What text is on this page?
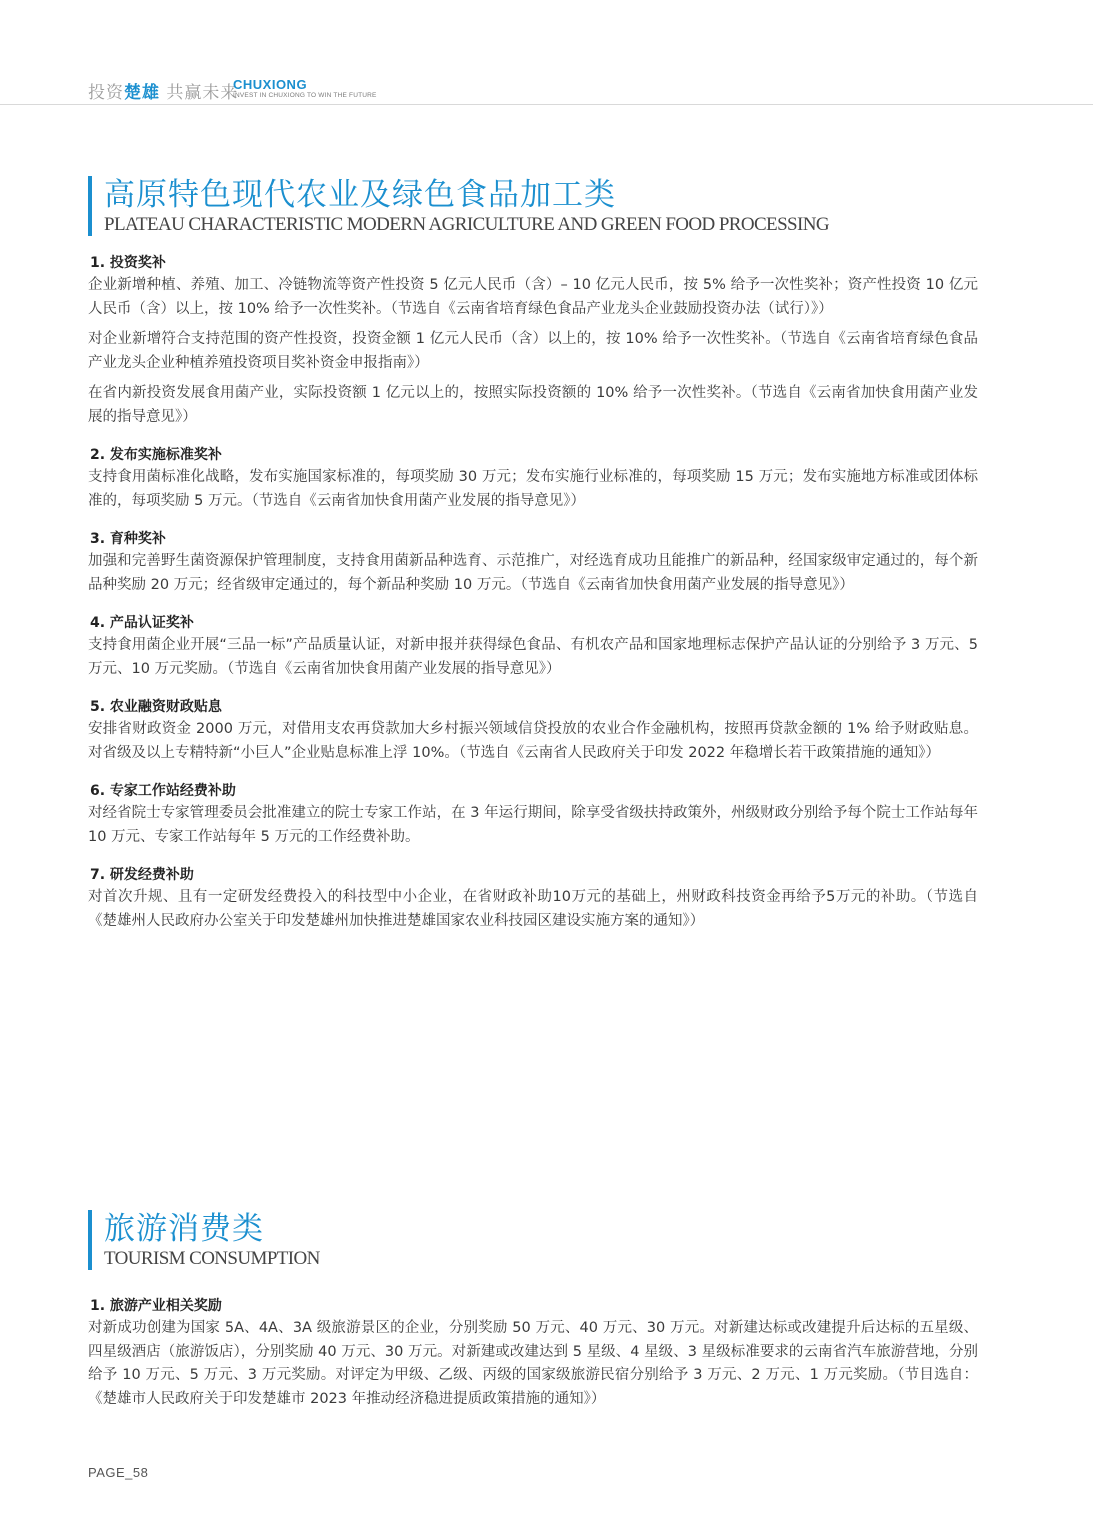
投资楚雄 共赢未来
CHUXIONG
INVEST IN CHUXIONG TO WIN THE FUTURE
高原特色现代农业及绿色食品加工类
PLATEAU CHARACTERISTIC MODERN AGRICULTURE AND GREEN FOOD PROCESSING
1. 投资奖补

企业新增种植、养殖、加工、冷链物流等资产性投资 5 亿元人民币（含）– 10 亿元人民币，按 5% 给予一次性奖补；资产性投资 10 亿元人民币（含）以上，按 10% 给予一次性奖补。（节选自《云南省培育绿色食品产业龙头企业鼓励投资办法（试行）》）

对企业新增符合支持范围的资产性投资，投资金额 1 亿元人民币（含）以上的，按 10% 给予一次性奖补。（节选自《云南省培育绿色食品产业龙头企业种植养殖投资项目奖补资金申报指南》）

在省内新投资发展食用菌产业，实际投资额 1 亿元以上的，按照实际投资额的 10% 给予一次性奖补。（节选自《云南省加快食用菌产业发展的指导意见》）

2. 发布实施标准奖补

支持食用菌标准化战略，发布实施国家标准的，每项奖励 30 万元；发布实施行业标准的，每项奖励 15 万元；发布实施地方标准或团体标准的，每项奖励 5 万元。（节选自《云南省加快食用菌产业发展的指导意见》）

3. 育种奖补

加强和完善野生菌资源保护管理制度，支持食用菌新品种选育、示范推广，对经选育成功且能推广的新品种，经国家级审定通过的，每个新品种奖励 20 万元；经省级审定通过的，每个新品种奖励 10 万元。（节选自《云南省加快食用菌产业发展的指导意见》）

4. 产品认证奖补

支持食用菌企业开展“三品一标”产品质量认证，对新申报并获得绿色食品、有机农产品和国家地理标志保护产品认证的分别给予 3 万元、5 万元、10 万元奖励。（节选自《云南省加快食用菌产业发展的指导意见》）

5. 农业融资财政贴息

安排省财政资金 2000 万元，对借用支农再贷款加大乡村振兴领域信贷投放的农业合作金融机构，按照再贷款金额的 1% 给予财政贴息。对省级及以上专精特新“小巨人”企业贴息标准上浮 10%。（节选自《云南省人民政府关于印发 2022 年稳增长若干政策措施的通知》）

6. 专家工作站经费补助

对经省院士专家管理委员会批准建立的院士专家工作站，在 3 年运行期间，除享受省级扶持政策外，州级财政分别给予每个院士工作站每年 10 万元、专家工作站每年 5 万元的工作经费补助。

7. 研发经费补助

对首次升规、且有一定研发经费投入的科技型中小企业，在省财政补助10万元的基础上，州财政科技资金再给予5万元的补助。（节选自《楚雄州人民政府办公室关于印发楚雄州加快推进楚雄国家农业科技园区建设实施方案的通知》）

旅游消费类
TOURISM CONSUMPTION
1. 旅游产业相关奖励

对新成功创建为国家 5A、4A、3A 级旅游景区的企业，分别奖励 50 万元、40 万元、30 万元。对新建达标或改建提升后达标的五星级、四星级酒店（旅游饭店），分别奖励 40 万元、30 万元。对新建或改建达到 5 星级、4 星级、3 星级标准要求的云南省汽车旅游营地，分别给予 10 万元、5 万元、3 万元奖励。对评定为甲级、乙级、丙级的国家级旅游民宿分别给予 3 万元、2 万元、1 万元奖励。（节目选自：《楚雄市人民政府关于印发楚雄市 2023 年推动经济稳进提质政策措施的通知》）

PAGE_58
